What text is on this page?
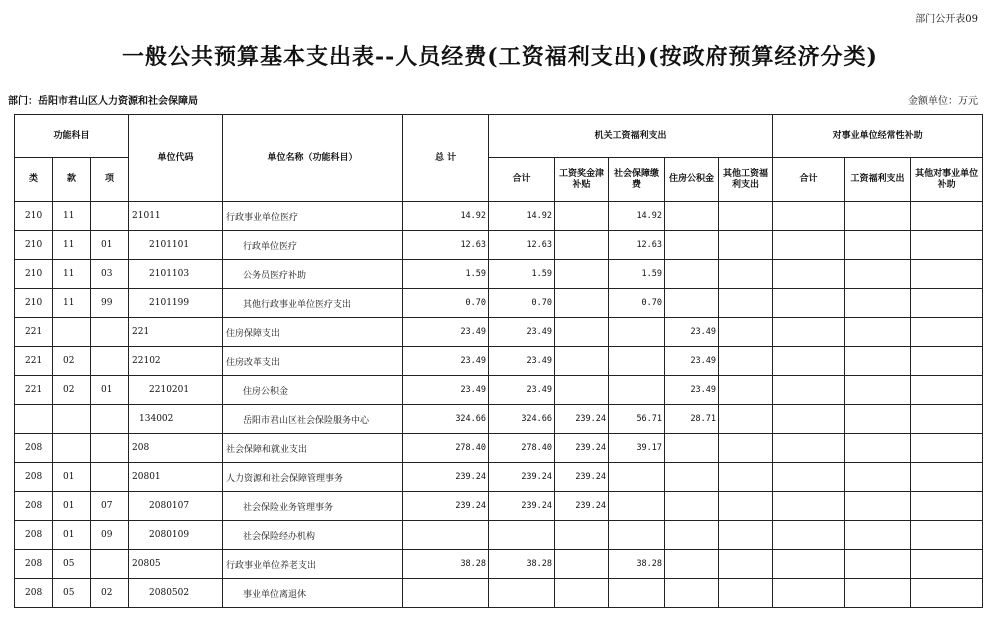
部门公开表09
一般公共预算基本支出表--人员经费(工资福利支出)(按政府预算经济分类)
部门：岳阳市君山区人力资源和社会保障局	金额单位：万元
功能科目			单位代码	单位名称（功能科目）	总 计	机关工资福利支出					对事业单位经常性补助		
类	款	项				合计	工资奖金津补贴	社会保障缴费	住房公积金	其他工资福利支出	合计	工资福利支出	其他对事业单位补助
210	11		21011	行政事业单位医疗	14.92	14.92		14.92					
210	11	01	2101101	行政单位医疗	12.63	12.63		12.63					
210	11	03	2101103	公务员医疗补助	1.59	1.59		1.59					
210	11	99	2101199	其他行政事业单位医疗支出	0.70	0.70		0.70					
221			221	住房保障支出	23.49	23.49			23.49				
221	02		22102	住房改革支出	23.49	23.49			23.49				
221	02	01	2210201	住房公积金	23.49	23.49			23.49				
			134002	岳阳市君山区社会保险服务中心	324.66	324.66	239.24	56.71	28.71				
208			208	社会保障和就业支出	278.40	278.40	239.24	39.17					
208	01		20801	人力资源和社会保障管理事务	239.24	239.24	239.24						
208	01	07	2080107	社会保险业务管理事务	239.24	239.24	239.24						
208	01	09	2080109	社会保险经办机构									
208	05		20805	行政事业单位养老支出	38.28	38.28		38.28					
208	05	02	2080502	事业单位离退休									
